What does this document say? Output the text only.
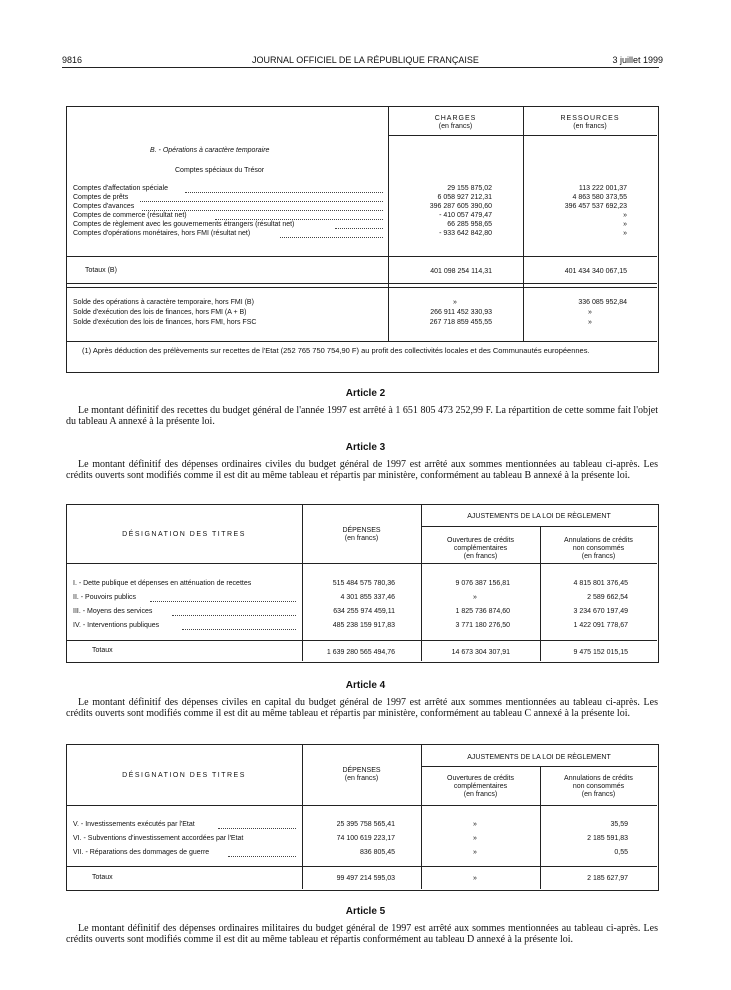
9816	JOURNAL OFFICIEL DE LA RÉPUBLIQUE FRANÇAISE	3 juillet 1999
CHARGES
(en francs)
RESSOURCES
(en francs)
B. - Opérations à caractère temporaire
Comptes spéciaux du Trésor
Comptes d'affectation spéciale	29 155 875,02	113 222 001,37
Comptes de prêts	6 058 927 212,31	4 863 580 373,55
Comptes d'avances	396 287 605 390,60	396 457 537 692,23
Comptes de commerce (résultat net)	- 410 057 479,47	»
Comptes de règlement avec les gouvernements étrangers (résultat net)	66 285 958,65	»
Comptes d'opérations monétaires, hors FMI (résultat net)	- 933 642 842,80	»
Totaux (B)	401 098 254 114,31	401 434 340 067,15
Solde des opérations à caractère temporaire, hors FMI (B)	»	336 085 952,84
Solde d'exécution des lois de finances, hors FMI (A + B)	266 911 452 330,93	»
Solde d'exécution des lois de finances, hors FMI, hors FSC	267 718 859 455,55	»
(1) Après déduction des prélèvements sur recettes de l'Etat (252 765 750 754,90 F) au profit des collectivités locales et des Communautés européennes.
Article 2
Le montant définitif des recettes du budget général de l'année 1997 est arrêté à 1 651 805 473 252,99 F. La répartition de cette somme fait l'objet du tableau A annexé à la présente loi.
Article 3
Le montant définitif des dépenses ordinaires civiles du budget général de 1997 est arrêté aux sommes mentionnées au tableau ci-après. Les crédits ouverts sont modifiés comme il est dit au même tableau et répartis par ministère, conformément au tableau B annexé à la présente loi.
DÉSIGNATION DES TITRES
DÉPENSES
(en francs)
AJUSTEMENTS DE LA LOI DE RÈGLEMENT
Ouvertures de crédits
complémentaires
(en francs)
Annulations de crédits
non consommés
(en francs)
I. - Dette publique et dépenses en atténuation de recettes	515 484 575 780,36	9 076 387 156,81	4 815 801 376,45
II. - Pouvoirs publics	4 301 855 337,46	»	2 589 662,54
III. - Moyens des services	634 255 974 459,11	1 825 736 874,60	3 234 670 197,49
IV. - Interventions publiques	485 238 159 917,83	3 771 180 276,50	1 422 091 778,67
Totaux	1 639 280 565 494,76	14 673 304 307,91	9 475 152 015,15
Article 4
Le montant définitif des dépenses civiles en capital du budget général de 1997 est arrêté aux sommes mentionnées au tableau ci-après. Les crédits ouverts sont modifiés comme il est dit au même tableau et répartis par ministère, conformément au tableau C annexé à la présente loi.
DÉSIGNATION DES TITRES
DÉPENSES
(en francs)
AJUSTEMENTS DE LA LOI DE RÈGLEMENT
Ouvertures de crédits
complémentaires
(en francs)
Annulations de crédits
non consommés
(en francs)
V. - Investissements exécutés par l'Etat	25 395 758 565,41	»	35,59
VI. - Subventions d'investissement accordées par l'Etat	74 100 619 223,17	»	2 185 591,83
VII. - Réparations des dommages de guerre	836 805,45	»	0,55
Totaux	99 497 214 595,03	»	2 185 627,97
Article 5
Le montant définitif des dépenses ordinaires militaires du budget général de 1997 est arrêté aux sommes mentionnées au tableau ci-après. Les crédits ouverts sont modifiés comme il est dit au même tableau et répartis conformément au tableau D annexé à la présente loi.
